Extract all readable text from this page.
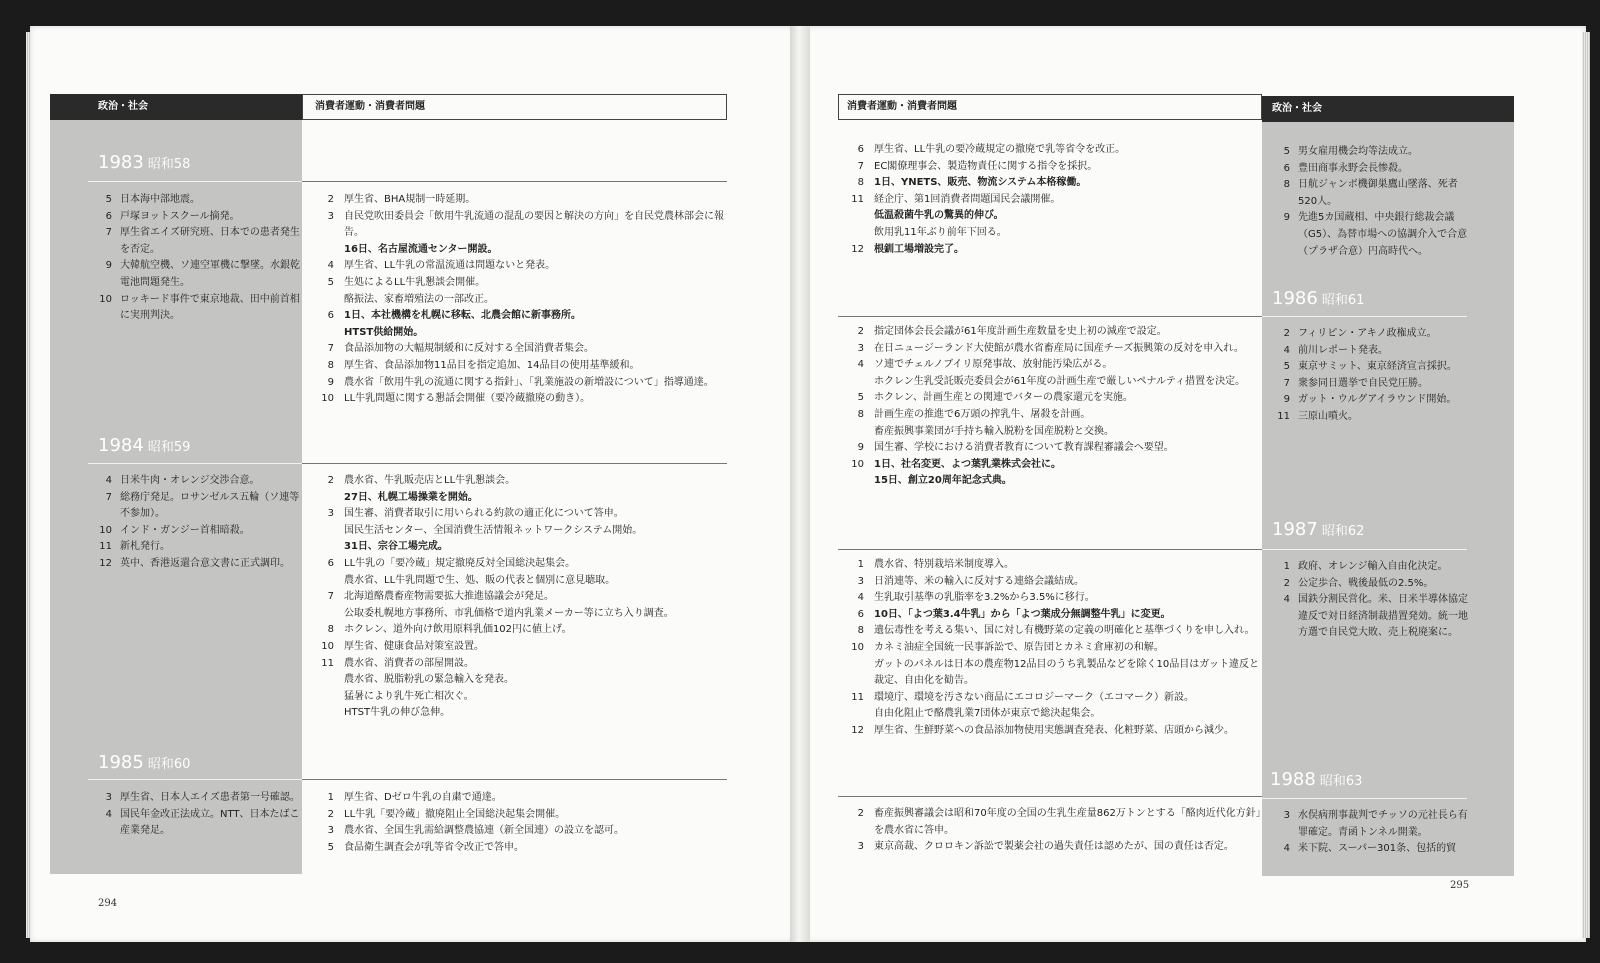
政治・社会	消費者運動・消費者問題
1983 昭和58
5 日本海中部地震。
6 戸塚ヨットスクール摘発。
7 厚生省エイズ研究班、日本での患者発生を否定。
9 大韓航空機、ソ連空軍機に撃墜。水銀乾電池問題発生。
10 ロッキード事件で東京地裁、田中前首相に実刑判決。
2	厚生省、BHA規制一時延期。
3	自民党吹田委員会「飲用牛乳流通の混乱の要因と解決の方向」を自民党農林部会に報告。
16日、名古屋流通センター開設。
4	厚生省、LL牛乳の常温流通は問題ないと発表。
5	生処によるLL牛乳懇談会開催。
酪振法、家畜増殖法の一部改正。
6	1日、本社機構を札幌に移転、北農会館に新事務所。
HTST供給開始。
7	食品添加物の大幅規制緩和に反対する全国消費者集会。
8	厚生省、食品添加物11品目を指定追加、14品目の使用基準緩和。
9	農水省「飲用牛乳の流通に関する指針」、「乳業施設の新増設について」指導通達。
10	LL牛乳問題に関する懇話会開催（要冷蔵撤廃の動き）。
1984 昭和59
4 日米牛肉・オレンジ交渉合意。
7 総務庁発足。ロサンゼルス五輪（ソ連等不参加）。
10 インド・ガンジー首相暗殺。
11 新札発行。
12 英中、香港返還合意文書に正式調印。
2	農水省、牛乳販売店とLL牛乳懇談会。
27日、札幌工場操業を開始。
3	国生審、消費者取引に用いられる約款の適正化について答申。
国民生活センター、全国消費生活情報ネットワークシステム開始。
31日、宗谷工場完成。
6	LL牛乳の「要冷蔵」規定撤廃反対全国総決起集会。
農水省、LL牛乳問題で生、処、販の代表と個別に意見聴取。
7	北海道酪農畜産物需要拡大推進協議会が発足。
公取委札幌地方事務所、市乳価格で道内乳業メーカー等に立ち入り調査。
8	ホクレン、道外向け飲用原料乳価102円に値上げ。
10	厚生省、健康食品対策室設置。
11	農水省、消費者の部屋開設。
農水省、脱脂粉乳の緊急輸入を発表。
猛暑により乳牛死亡相次ぐ。
HTST牛乳の伸び急伸。
1985 昭和60
3 厚生省、日本人エイズ患者第一号確認。
4 国民年金改正法成立。NTT、日本たばこ産業発足。
1	厚生省、Dゼロ牛乳の自粛で通達。
2	LL牛乳「要冷蔵」撤廃阻止全国総決起集会開催。
3	農水省、全国生乳需給調整農協連（新全国連）の設立を認可。
5	食品衛生調査会が乳等省令改正で答申。
294
消費者運動・消費者問題	政治・社会
6	厚生省、LL牛乳の要冷蔵規定の撤廃で乳等省令を改正。
7	EC閣僚理事会、製造物責任に関する指令を採択。
8	1日、YNETS、販売、物流システム本格稼働。
11	経企庁、第1回消費者問題国民会議開催。
低温殺菌牛乳の驚異的伸び。
飲用乳11年ぶり前年下回る。
12	根釧工場増設完了。
5 男女雇用機会均等法成立。
6 豊田商事永野会長惨殺。
8 日航ジャンボ機御巣鷹山墜落、死者520人。
9 先進5カ国蔵相、中央銀行総裁会議（G5）、為替市場への協調介入で合意（プラザ合意）円高時代へ。
1986 昭和61
2	指定団体会長会議が61年度計画生産数量を史上初の減産で設定。
3	在日ニュージーランド大使館が農水省畜産局に国産チーズ振興策の反対を申入れ。
4	ソ連でチェルノブイリ原発事故、放射能汚染広がる。
ホクレン生乳受託販売委員会が61年度の計画生産で厳しいペナルティ措置を決定。
5	ホクレン、計画生産との関連でバターの農家還元を実施。
8	計画生産の推進で6万頭の搾乳牛、屠殺を計画。
畜産振興事業団が手持ち輸入脱粉を国産脱粉と交換。
9	国生審、学校における消費者教育について教育課程審議会へ要望。
10	1日、社名変更、よつ葉乳業株式会社に。
15日、創立20周年記念式典。
2 フィリピン・アキノ政権成立。
4 前川レポート発表。
5 東京サミット、東京経済宣言採択。
7 衆参同日選挙で自民党圧勝。
9 ガット・ウルグアイラウンド開始。
11 三原山噴火。
1987 昭和62
1	農水省、特別栽培米制度導入。
3	日消連等、米の輸入に反対する連絡会議結成。
4	生乳取引基準の乳脂率を3.2%から3.5%に移行。
6	10日、「よつ葉3.4牛乳」から「よつ葉成分無調整牛乳」に変更。
8	遺伝毒性を考える集い、国に対し有機野菜の定義の明確化と基準づくりを申し入れ。
10	カネミ油症全国統一民事訴訟で、原告団とカネミ倉庫初の和解。
ガットのパネルは日本の農産物12品目のうち乳製品などを除く10品目はガット違反と裁定、自由化を勧告。
11	環境庁、環境を汚さない商品にエコロジーマーク（エコマーク）新設。
自由化阻止で酪農乳業7団体が東京で総決起集会。
12	厚生省、生鮮野菜への食品添加物使用実態調査発表、化粧野菜、店頭から減少。
1 政府、オレンジ輸入自由化決定。
2 公定歩合、戦後最低の2.5%。
4 国鉄分割民営化。米、日米半導体協定違反で対日経済制裁措置発効。統一地方選で自民党大敗、売上税廃案に。
1988 昭和63
2	畜産振興審議会は昭和70年度の全国の生乳生産量862万トンとする「酪肉近代化方針」を農水省に答申。
3	東京高裁、クロロキン訴訟で製薬会社の過失責任は認めたが、国の責任は否定。
3 水俣病刑事裁判でチッソの元社長ら有罪確定。青函トンネル開業。
4 米下院、スーパー301条、包括的貿
295
